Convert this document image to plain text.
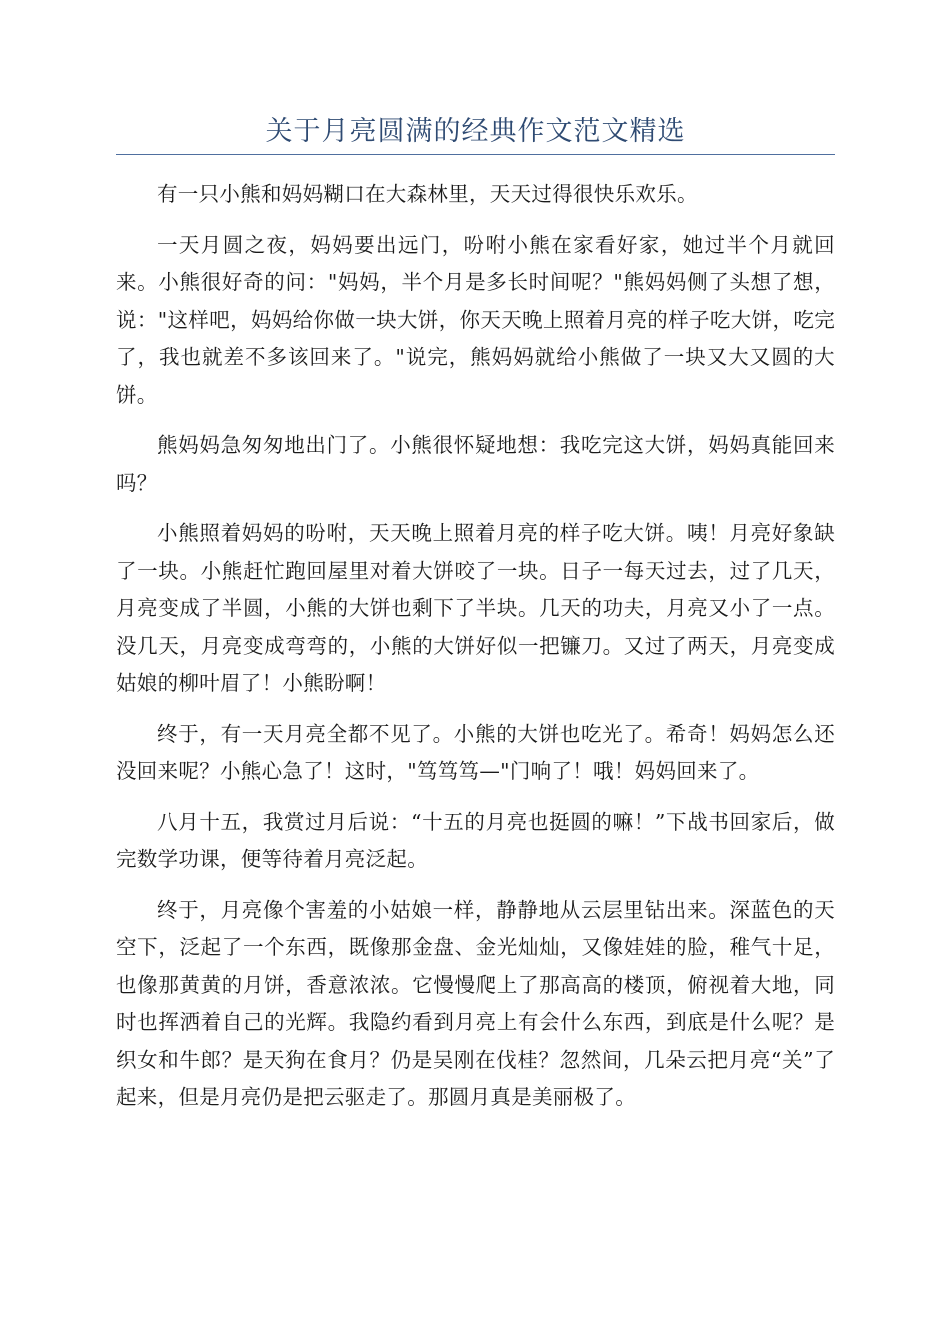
关于月亮圆满的经典作文范文精选

有一只小熊和妈妈糊口在大森林里，天天过得很快乐欢乐。

一天月圆之夜，妈妈要出远门，吩咐小熊在家看好家，她过半个月就回来。小熊很好奇的问："妈妈，半个月是多长时间呢？"熊妈妈侧了头想了想，说："这样吧，妈妈给你做一块大饼，你天天晚上照着月亮的样子吃大饼，吃完了，我也就差不多该回来了。"说完，熊妈妈就给小熊做了一块又大又圆的大饼。

熊妈妈急匆匆地出门了。小熊很怀疑地想：我吃完这大饼，妈妈真能回来吗？

小熊照着妈妈的吩咐，天天晚上照着月亮的样子吃大饼。咦！月亮好象缺了一块。小熊赶忙跑回屋里对着大饼咬了一块。日子一每天过去，过了几天，月亮变成了半圆，小熊的大饼也剩下了半块。几天的功夫，月亮又小了一点。没几天，月亮变成弯弯的，小熊的大饼好似一把镰刀。又过了两天，月亮变成姑娘的柳叶眉了！小熊盼啊！

终于，有一天月亮全都不见了。小熊的大饼也吃光了。希奇！妈妈怎么还没回来呢？小熊心急了！这时，"笃笃笃—"门响了！哦！妈妈回来了。

八月十五，我赏过月后说：“十五的月亮也挺圆的嘛！”下战书回家后，做完数学功课，便等待着月亮泛起。

终于，月亮像个害羞的小姑娘一样，静静地从云层里钻出来。深蓝色的天空下，泛起了一个东西，既像那金盘、金光灿灿，又像娃娃的脸，稚气十足，也像那黄黄的月饼，香意浓浓。它慢慢爬上了那高高的楼顶，俯视着大地，同时也挥洒着自己的光辉。我隐约看到月亮上有会什么东西，到底是什么呢？是织女和牛郎？是天狗在食月？仍是吴刚在伐桂？忽然间，几朵云把月亮“关”了起来，但是月亮仍是把云驱走了。那圆月真是美丽极了。
